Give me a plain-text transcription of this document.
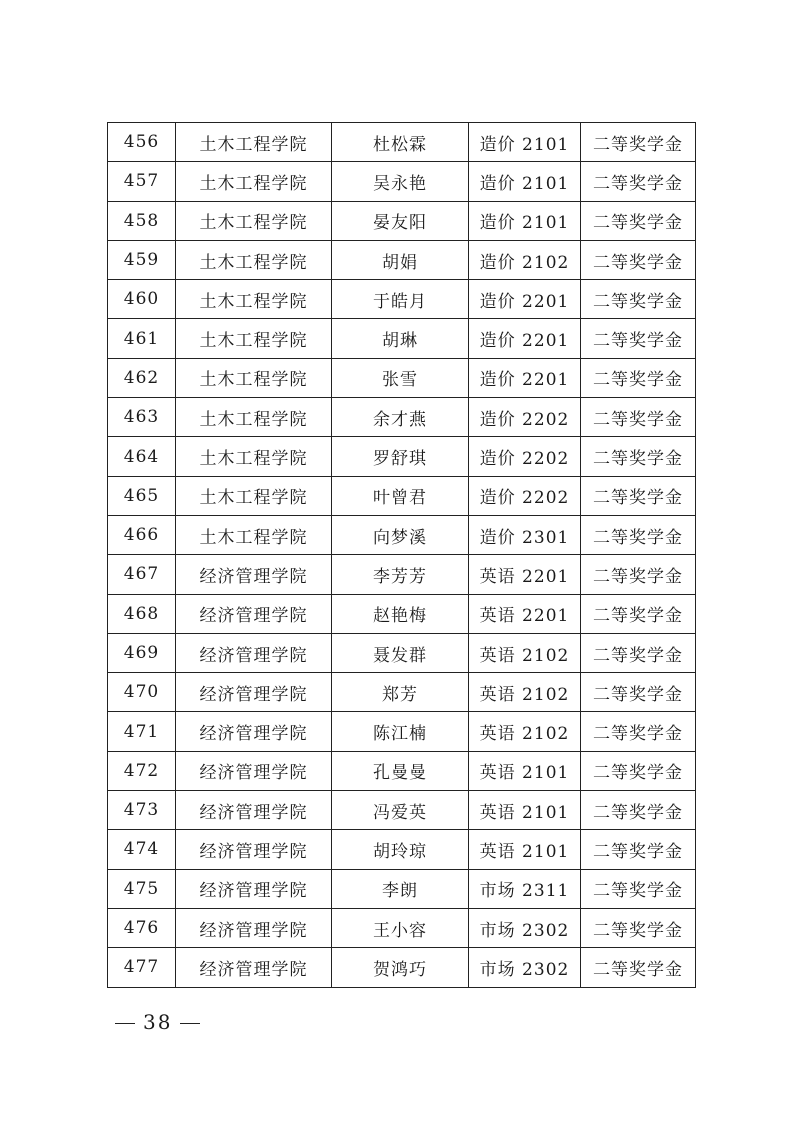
456	土木工程学院	杜松霖	造价 2101	二等奖学金
457	土木工程学院	吴永艳	造价 2101	二等奖学金
458	土木工程学院	晏友阳	造价 2101	二等奖学金
459	土木工程学院	胡娟	造价 2102	二等奖学金
460	土木工程学院	于皓月	造价 2201	二等奖学金
461	土木工程学院	胡琳	造价 2201	二等奖学金
462	土木工程学院	张雪	造价 2201	二等奖学金
463	土木工程学院	余才燕	造价 2202	二等奖学金
464	土木工程学院	罗舒琪	造价 2202	二等奖学金
465	土木工程学院	叶曾君	造价 2202	二等奖学金
466	土木工程学院	向梦溪	造价 2301	二等奖学金
467	经济管理学院	李芳芳	英语 2201	二等奖学金
468	经济管理学院	赵艳梅	英语 2201	二等奖学金
469	经济管理学院	聂发群	英语 2102	二等奖学金
470	经济管理学院	郑芳	英语 2102	二等奖学金
471	经济管理学院	陈江楠	英语 2102	二等奖学金
472	经济管理学院	孔曼曼	英语 2101	二等奖学金
473	经济管理学院	冯爱英	英语 2101	二等奖学金
474	经济管理学院	胡玲琼	英语 2101	二等奖学金
475	经济管理学院	李朗	市场 2311	二等奖学金
476	经济管理学院	王小容	市场 2302	二等奖学金
477	经济管理学院	贺鸿巧	市场 2302	二等奖学金
38
